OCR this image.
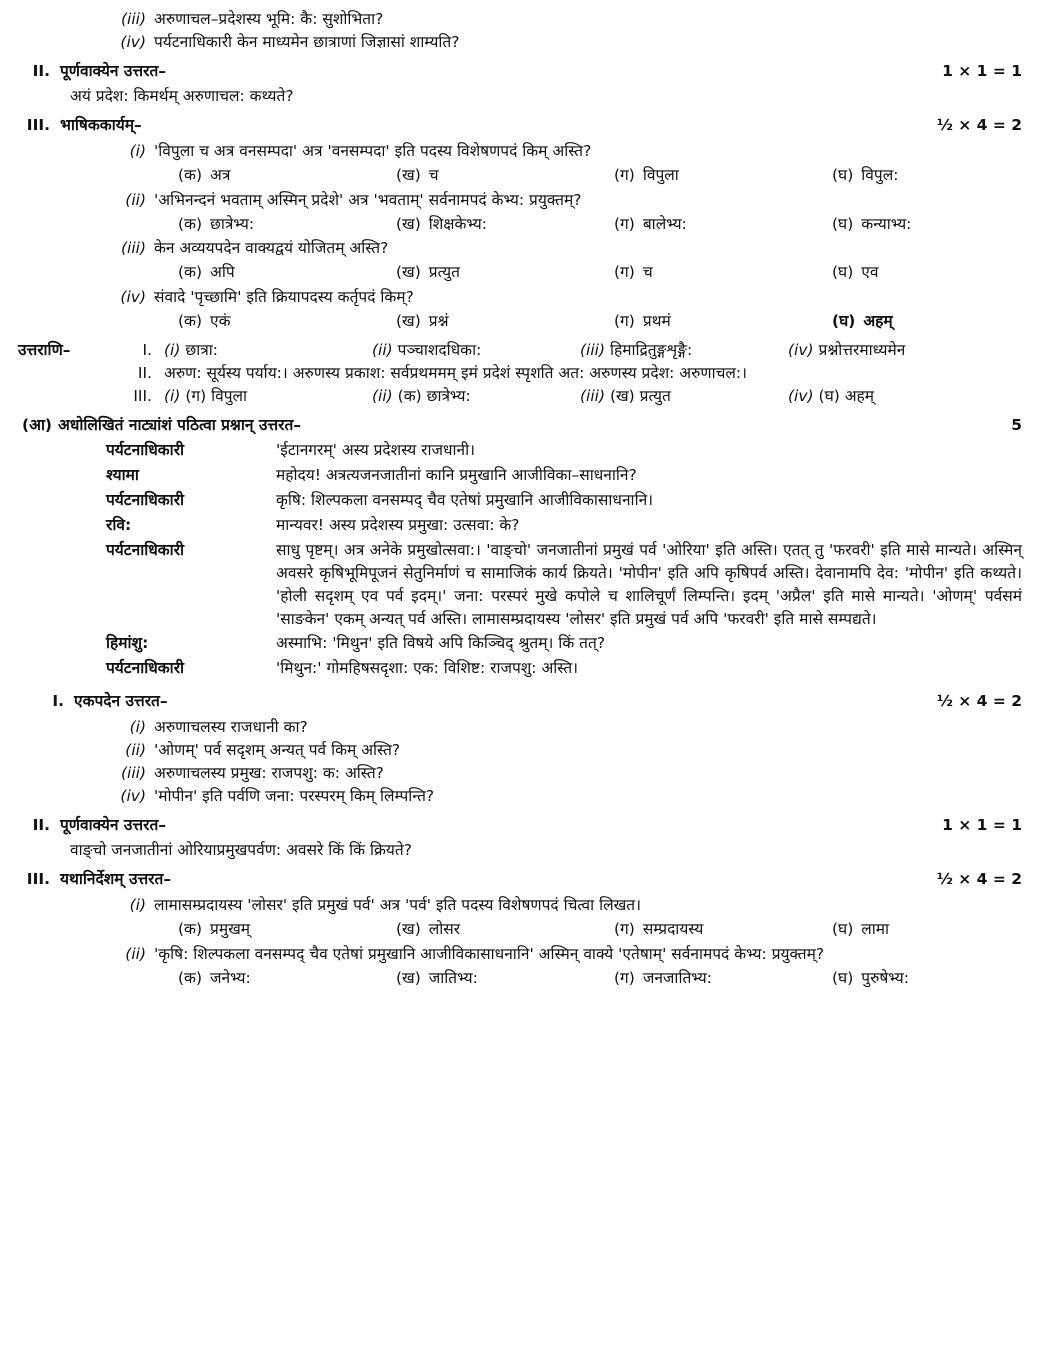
(iii) अरुणाचल–प्रदेशस्य भूमि: कै: सुशोभिता?
(iv) पर्यटनाधिकारी केन माध्यमेन छात्राणां जिज्ञासां शाम्यति?
II. पूर्णवाक्येन उत्तरत–	1 × 1 = 1
अयं प्रदेश: किमर्थम् अरुणाचल: कथ्यते?
III. भाषिककार्यम्–	½ × 4 = 2
(i) 'विपुला च अत्र वनसम्पदा' अत्र 'वनसम्पदा' इति पदस्य विशेषणपदं किम् अस्ति?
(क) अत्र	(ख) च	(ग) विपुला	(घ) विपुल:
(ii) 'अभिनन्दनं भवताम् अस्मिन् प्रदेशे' अत्र 'भवताम्' सर्वनामपदं केभ्य: प्रयुक्तम्?
(क) छात्रेभ्य:	(ख) शिक्षकेभ्य:	(ग) बालेभ्य:	(घ) कन्याभ्य:
(iii) केन अव्ययपदेन वाक्यद्वयं योजितम् अस्ति?
(क) अपि	(ख) प्रत्युत	(ग) च	(घ) एव
(iv) संवादे 'पृच्छामि' इति क्रियापदस्य कर्तृपदं किम्?
(क) एकं	(ख) प्रश्नं	(ग) प्रथमं	(घ) अहम्
उत्तराणि–	I. (i) छात्रा:	(ii) पञ्चाशदधिका:	(iii) हिमाद्रितुङ्गशृङ्गै:	(iv) प्रश्नोत्तरमाध्यमेन
II. अरुण: सूर्यस्य पर्याय:। अरुणस्य प्रकाश: सर्वप्रथममम् इमं प्रदेशं स्पृशति अत: अरुणस्य प्रदेश: अरुणाचल:।
III. (i) (ग) विपुला	(ii) (क) छात्रेभ्य:	(iii) (ख) प्रत्युत	(iv) (घ) अहम्
(आ) अधोलिखितं नाट्यांशं पठित्वा प्रश्नान् उत्तरत–	5
पर्यटनाधिकारी	'ईटानगरम्' अस्य प्रदेशस्य राजधानी।
श्यामा	महोदय! अत्रत्यजनजातीनां कानि प्रमुखानि आजीविका–साधनानि?
पर्यटनाधिकारी	कृषि: शिल्पकला वनसम्पद् चैव एतेषां प्रमुखानि आजीविकासाधनानि।
रवि:	मान्यवर! अस्य प्रदेशस्य प्रमुखा: उत्सवा: के?
पर्यटनाधिकारी	साधु पृष्टम्। अत्र अनेके प्रमुखोत्सवा:। 'वाङ्चो' जनजातीनां प्रमुखं पर्व 'ओरिया' इति अस्ति। एतत् तु 'फरवरी' इति मासे मान्यते। अस्मिन् अवसरे कृषिभूमिपूजनं सेतुनिर्माणं च सामाजिकं कार्य क्रियते। 'मोपीन' इति अपि कृषिपर्व अस्ति। देवानामपि देव: 'मोपीन' इति कथ्यते। 'होली सदृशम् एव पर्व इदम्।' जना: परस्परं मुखे कपोले च शालिचूर्णं लिम्पन्ति। इदम् 'अप्रैल' इति मासे मान्यते। 'ओणम्' पर्वसमं 'साङकेन' एकम् अन्यत् पर्व अस्ति। लामासम्प्रदायस्य 'लोसर' इति प्रमुखं पर्व अपि 'फरवरी' इति मासे सम्पद्यते।
हिमांशु:	अस्माभि: 'मिथुन' इति विषये अपि किञ्चिद् श्रुतम्। किं तत्?
पर्यटनाधिकारी	'मिथुन:' गोमहिषसदृशा: एक: विशिष्ट: राजपशु: अस्ति।
I. एकपदेन उत्तरत–	½ × 4 = 2
(i) अरुणाचलस्य राजधानी का?
(ii) 'ओणम्' पर्व सदृशम् अन्यत् पर्व किम् अस्ति?
(iii) अरुणाचलस्य प्रमुख: राजपशु: क: अस्ति?
(iv) 'मोपीन' इति पर्वणि जना: परस्परम् किम् लिम्पन्ति?
II. पूर्णवाक्येन उत्तरत–	1 × 1 = 1
वाङ्चो जनजातीनां ओरियाप्रमुखपर्वण: अवसरे किं किं क्रियते?
III. यथानिर्देशम् उत्तरत–	½ × 4 = 2
(i) लामासम्प्रदायस्य 'लोसर' इति प्रमुखं पर्व' अत्र 'पर्व' इति पदस्य विशेषणपदं चित्वा लिखत।
(क) प्रमुखम्	(ख) लोसर	(ग) सम्प्रदायस्य	(घ) लामा
(ii) 'कृषि: शिल्पकला वनसम्पद् चैव एतेषां प्रमुखानि आजीविकासाधनानि' अस्मिन् वाक्ये 'एतेषाम्' सर्वनामपदं केभ्य: प्रयुक्तम्?
(क) जनेभ्य:	(ख) जातिभ्य:	(ग) जनजातिभ्य:	(घ) पुरुषेभ्य:
